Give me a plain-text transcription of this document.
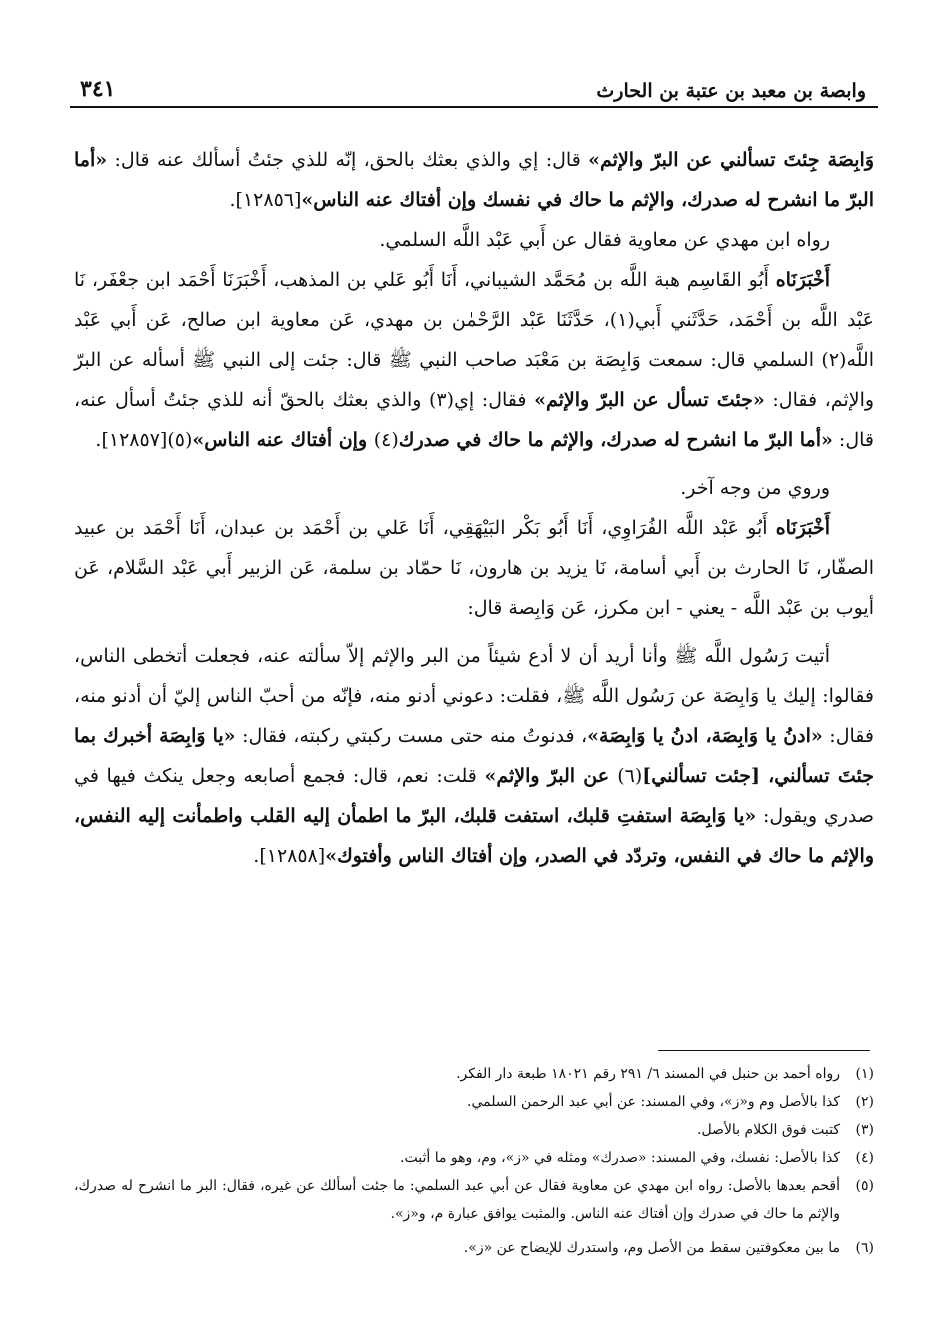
٣٤١	وابصة بن معبد بن عتبة بن الحارث

وَابِصَة جِئتَ تسألني عن البرّ والإثم» قال: إي والذي بعثك بالحق، إنّه للذي جئتُ أسألك عنه قال: «أما البرّ ما انشرح له صدرك، والإثم ما حاك في نفسك وإن أفتاك عنه الناس»[١٢٨٥٦].

رواه ابن مهدي عن معاوية فقال عن أَبي عَبْد اللَّه السلمي.

أَخْبَرَنَاه أَبُو القَاسِم هبة اللَّه بن مُحَمَّد الشيباني، أَنَا أَبُو عَلي بن المذهب، أَخْبَرَنَا أَحْمَد ابن جعْفَر، نَا عَبْد اللَّه بن أَحْمَد، حَدَّثَني أَبي(١)، حَدَّثَنَا عَبْد الرَّحْمٰن بن مهدي، عَن معاوية ابن صالح، عَن أَبي عَبْد اللَّه(٢) السلمي قال: سمعت وَابِصَة بن مَعْبَد صاحب النبي ﷺ قال: جئت إلى النبي ﷺ أسأله عن البرّ والإثم، فقال: «جئتَ تسأل عن البرّ والإثم» فقال: إي(٣) والذي بعثك بالحقّ أنه للذي جئتُ أسأل عنه، قال: «أما البرّ ما انشرح له صدرك، والإثم ما حاك في صدرك(٤) وإن أفتاك عنه الناس»(٥)[١٢٨٥٧].

وروي من وجه آخر.

أَخْبَرَنَاه أَبُو عَبْد اللَّه الفُرَاوِي، أَنَا أَبُو بَكْر البَيْهَقِي، أَنَا عَلي بن أَحْمَد بن عبدان، أَنَا أَحْمَد بن عبيد الصفّار، نَا الحارث بن أَبي أسامة، نَا يزيد بن هارون، نَا حمّاد بن سلمة، عَن الزبير أَبي عَبْد السَّلام، عَن أيوب بن عَبْد اللَّه - يعني - ابن مكرز، عَن وَابِصة قال:

أتيت رَسُول اللَّه ﷺ وأنا أريد أن لا أدع شيئاً من البر والإثم إلاّ سألته عنه، فجعلت أتخطى الناس، فقالوا: إليك يا وَابِصَة عن رَسُول اللَّه ﷺ، فقلت: دعوني أدنو منه، فإنّه من أحبّ الناس إليّ أن أدنو منه، فقال: «ادنُ يا وَابِصَة، ادنُ يا وَابِصَة»، فدنوتُ منه حتى مست ركبتي ركبته، فقال: «يا وَابِصَة أخبرك بما جئتَ تسألني، [جئت تسألني](٦) عن البرّ والإثم» قلت: نعم، قال: فجمع أصابعه وجعل ينكث فيها في صدري ويقول: «يا وَابِصَة استفتِ قلبك، استفت قلبك، البرّ ما اطمأن إليه القلب واطمأنت إليه النفس، والإثم ما حاك في النفس، وتردّد في الصدر، وإن أفتاك الناس وأفتوك»[١٢٨٥٨].

(١)
رواه أحمد بن حنبل في المسند ٦/ ٢٩١ رقم ١٨٠٢١ طبعة دار الفكر.
(٢)
كذا بالأصل وم و«ز»، وفي المسند: عن أبي عبد الرحمن السلمي.
(٣)
كتبت فوق الكلام بالأصل.
(٤)
كذا بالأصل: نفسك، وفي المسند: «صدرك» ومثله في «ز»، وم، وهو ما أثبت.
(٥)
أقحم بعدها بالأصل: رواه ابن مهدي عن معاوية فقال عن أبي عبد السلمي: ما جئت أسألك عن غيره، فقال: البر ما انشرح له صدرك، والإثم ما حاك في صدرك وإن أفتاك عنه الناس. والمثبت يوافق عبارة م، و«ز».
(٦)
ما بين معكوفتين سقط من الأصل وم، واستدرك للإيضاح عن «ز».
